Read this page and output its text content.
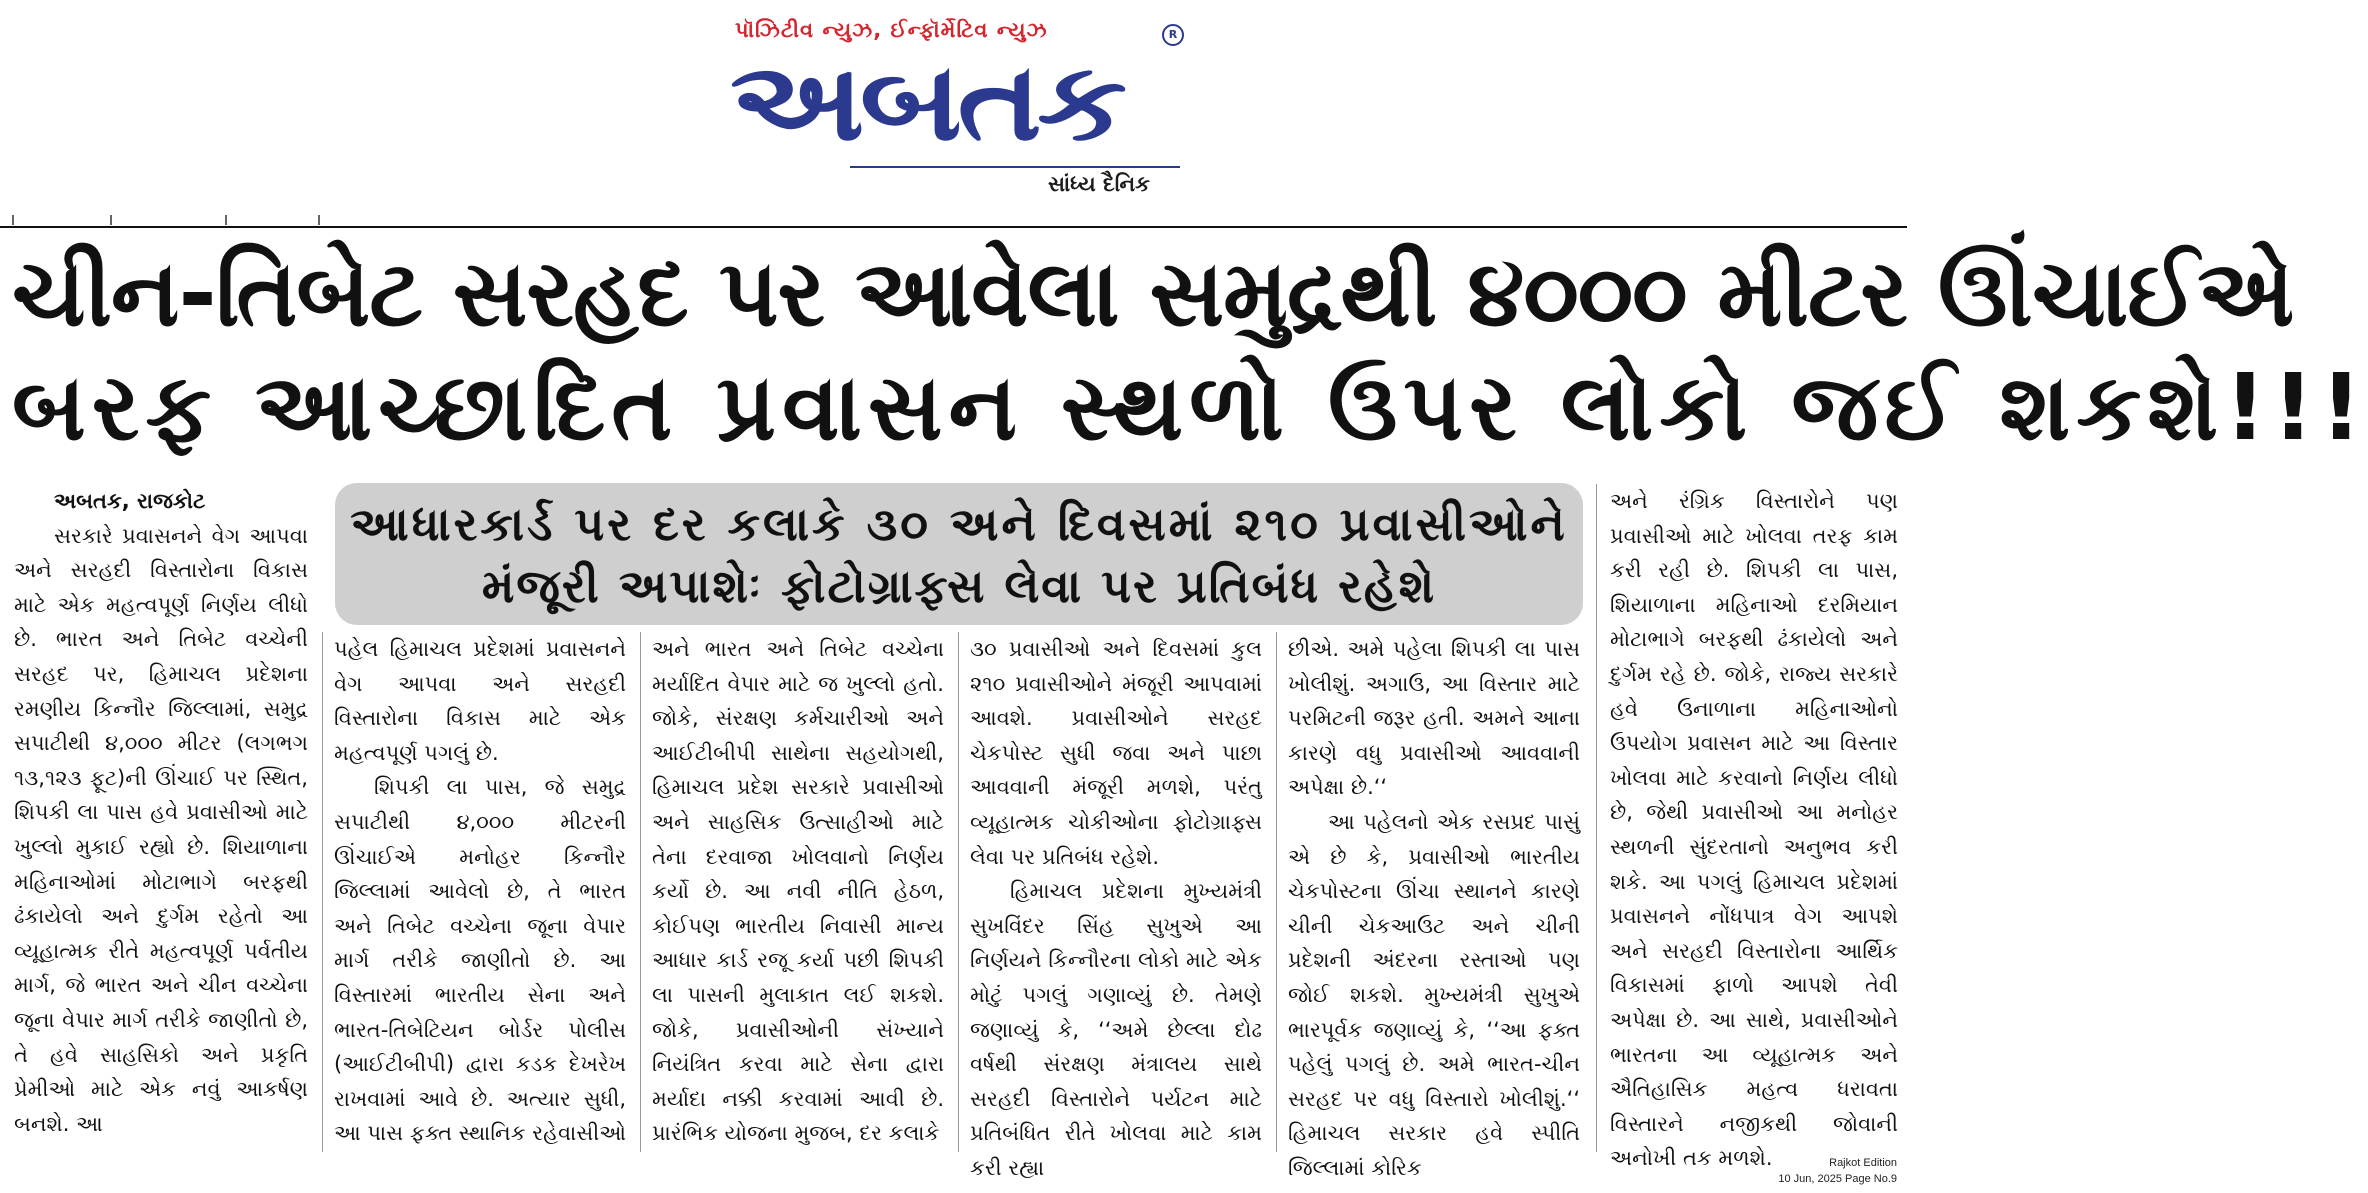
પૉઝિટીવ ન્યુઝ, ઈન્ફૉર્મેટિવ ન્યુઝ	R
અબતક
સાંધ્ય દૈનિક
ચીન-તિબેટ સરહદ પર આવેલા સમુદ્રથી ૪૦૦૦ મીટર ઊંચાઈએ
બરફ આચ્છાદિત પ્રવાસન સ્થળો ઉપર લોકો જઈ શકશે!!!
આધારકાર્ડ પર દર કલાકે ૩૦ અને દિવસમાં ૨૧૦ પ્રવાસીઓને
મંજૂરી અપાશેઃ ફોટોગ્રાફ્સ લેવા પર પ્રતિબંધ રહેશે

અબતક, રાજકોટ

સરકારે પ્રવાસનને વેગ આપવા અને સરહદી વિસ્તારોના વિકાસ માટે એક મહત્વપૂર્ણ નિર્ણય લીધો છે. ભારત અને તિબેટ વચ્ચેની સરહદ પર, હિમાચલ પ્રદેશના રમણીય કિન્નૌર જિલ્લામાં, સમુદ્ર સપાટીથી ૪,૦૦૦ મીટર (લગભગ ૧૩,૧૨૩ ફૂટ)ની ઊંચાઈ પર સ્થિત, શિપકી લા પાસ હવે પ્રવાસીઓ માટે ખુલ્લો મુકાઈ રહ્યો છે. શિયાળાના મહિનાઓમાં મોટાભાગે બરફથી ઢંકાયેલો અને દુર્ગમ રહેતો આ વ્યૂહાત્મક રીતે મહત્વપૂર્ણ પર્વતીય માર્ગ, જે ભારત અને ચીન વચ્ચેના જૂના વેપાર માર્ગ તરીકે જાણીતો છે, તે હવે સાહસિકો અને પ્રકૃતિ પ્રેમીઓ માટે એક નવું આકર્ષણ બનશે. આ

પહેલ હિમાચલ પ્રદેશમાં પ્રવાસનને વેગ આપવા અને સરહદી વિસ્તારોના વિકાસ માટે એક મહત્વપૂર્ણ પગલું છે.

શિપકી લા પાસ, જે સમુદ્ર સપાટીથી ૪,૦૦૦ મીટરની ઊંચાઈએ મનોહર કિન્નૌર જિલ્લામાં આવેલો છે, તે ભારત અને તિબેટ વચ્ચેના જૂના વેપાર માર્ગ તરીકે જાણીતો છે. આ વિસ્તારમાં ભારતીય સેના અને ભારત-તિબેટિયન બોર્ડર પોલીસ (આઈટીબીપી) દ્વારા કડક દેખરેખ રાખવામાં આવે છે. અત્યાર સુધી, આ પાસ ફક્ત સ્થાનિક રહેવાસીઓ

અને ભારત અને તિબેટ વચ્ચેના મર્યાદિત વેપાર માટે જ ખુલ્લો હતો. જોકે, સંરક્ષણ કર્મચારીઓ અને આઈટીબીપી સાથેના સહયોગથી, હિમાચલ પ્રદેશ સરકારે પ્રવાસીઓ અને સાહસિક ઉત્સાહીઓ માટે તેના દરવાજા ખોલવાનો નિર્ણય કર્યો છે. આ નવી નીતિ હેઠળ, કોઈપણ ભારતીય નિવાસી માન્ય આધાર કાર્ડ રજૂ કર્યા પછી શિપકી લા પાસની મુલાકાત લઈ શકશે. જોકે, પ્રવાસીઓની સંખ્યાને નિયંત્રિત કરવા માટે સેના દ્વારા મર્યાદા નક્કી કરવામાં આવી છે. પ્રારંભિક યોજના મુજબ, દર કલાકે

૩૦ પ્રવાસીઓ અને દિવસમાં કુલ ૨૧૦ પ્રવાસીઓને મંજૂરી આપવામાં આવશે. પ્રવાસીઓને સરહદ ચેકપોસ્ટ સુધી જવા અને પાછા આવવાની મંજૂરી મળશે, પરંતુ વ્યૂહાત્મક ચોકીઓના ફોટોગ્રાફ્સ લેવા પર પ્રતિબંધ રહેશે.

હિમાચલ પ્રદેશના મુખ્યમંત્રી સુખવિંદર સિંહ સુખુએ આ નિર્ણયને કિન્નૌરના લોકો માટે એક મોટું પગલું ગણાવ્યું છે. તેમણે જણાવ્યું કે, ‘‘અમે છેલ્લા દોઢ વર્ષથી સંરક્ષણ મંત્રાલય સાથે સરહદી વિસ્તારોને પર્યટન માટે પ્રતિબંધિત રીતે ખોલવા માટે કામ કરી રહ્યા

છીએ. અમે પહેલા શિપકી લા પાસ ખોલીશું. અગાઉ, આ વિસ્તાર માટે પરમિટની જરૂર હતી. અમને આના કારણે વધુ પ્રવાસીઓ આવવાની અપેક્ષા છે.‘‘

આ પહેલનો એક રસપ્રદ પાસું એ છે કે, પ્રવાસીઓ ભારતીય ચેકપોસ્ટના ઊંચા સ્થાનને કારણે ચીની ચેકઆઉટ અને ચીની પ્રદેશની અંદરના રસ્તાઓ પણ જોઈ શકશે. મુખ્યમંત્રી સુખુએ ભારપૂર્વક જણાવ્યું કે, ‘‘આ ફક્ત પહેલું પગલું છે. અમે ભારત-ચીન સરહદ પર વધુ વિસ્તારો ખોલીશું.‘‘ હિમાચલ સરકાર હવે સ્પીતિ જિલ્લામાં કોરિક

અને રંગ્રિક વિસ્તારોને પણ પ્રવાસીઓ માટે ખોલવા તરફ કામ કરી રહી છે. શિપકી લા પાસ, શિયાળાના મહિનાઓ દરમિયાન મોટાભાગે બરફથી ઢંકાયેલો અને દુર્ગમ રહે છે. જોકે, રાજ્ય સરકારે હવે ઉનાળાના મહિનાઓનો ઉપયોગ પ્રવાસન માટે આ વિસ્તાર ખોલવા માટે કરવાનો નિર્ણય લીધો છે, જેથી પ્રવાસીઓ આ મનોહર સ્થળની સુંદરતાનો અનુભવ કરી શકે. આ પગલું હિમાચલ પ્રદેશમાં પ્રવાસનને નોંધપાત્ર વેગ આપશે અને સરહદી વિસ્તારોના આર્થિક વિકાસમાં ફાળો આપશે તેવી અપેક્ષા છે. આ સાથે, પ્રવાસીઓને ભારતના આ વ્યૂહાત્મક અને ઐતિહાસિક મહત્વ ધરાવતા વિસ્તારને નજીકથી જોવાની અનોખી તક મળશે.	Rajkot Edition
10 Jun, 2025 Page No.9
